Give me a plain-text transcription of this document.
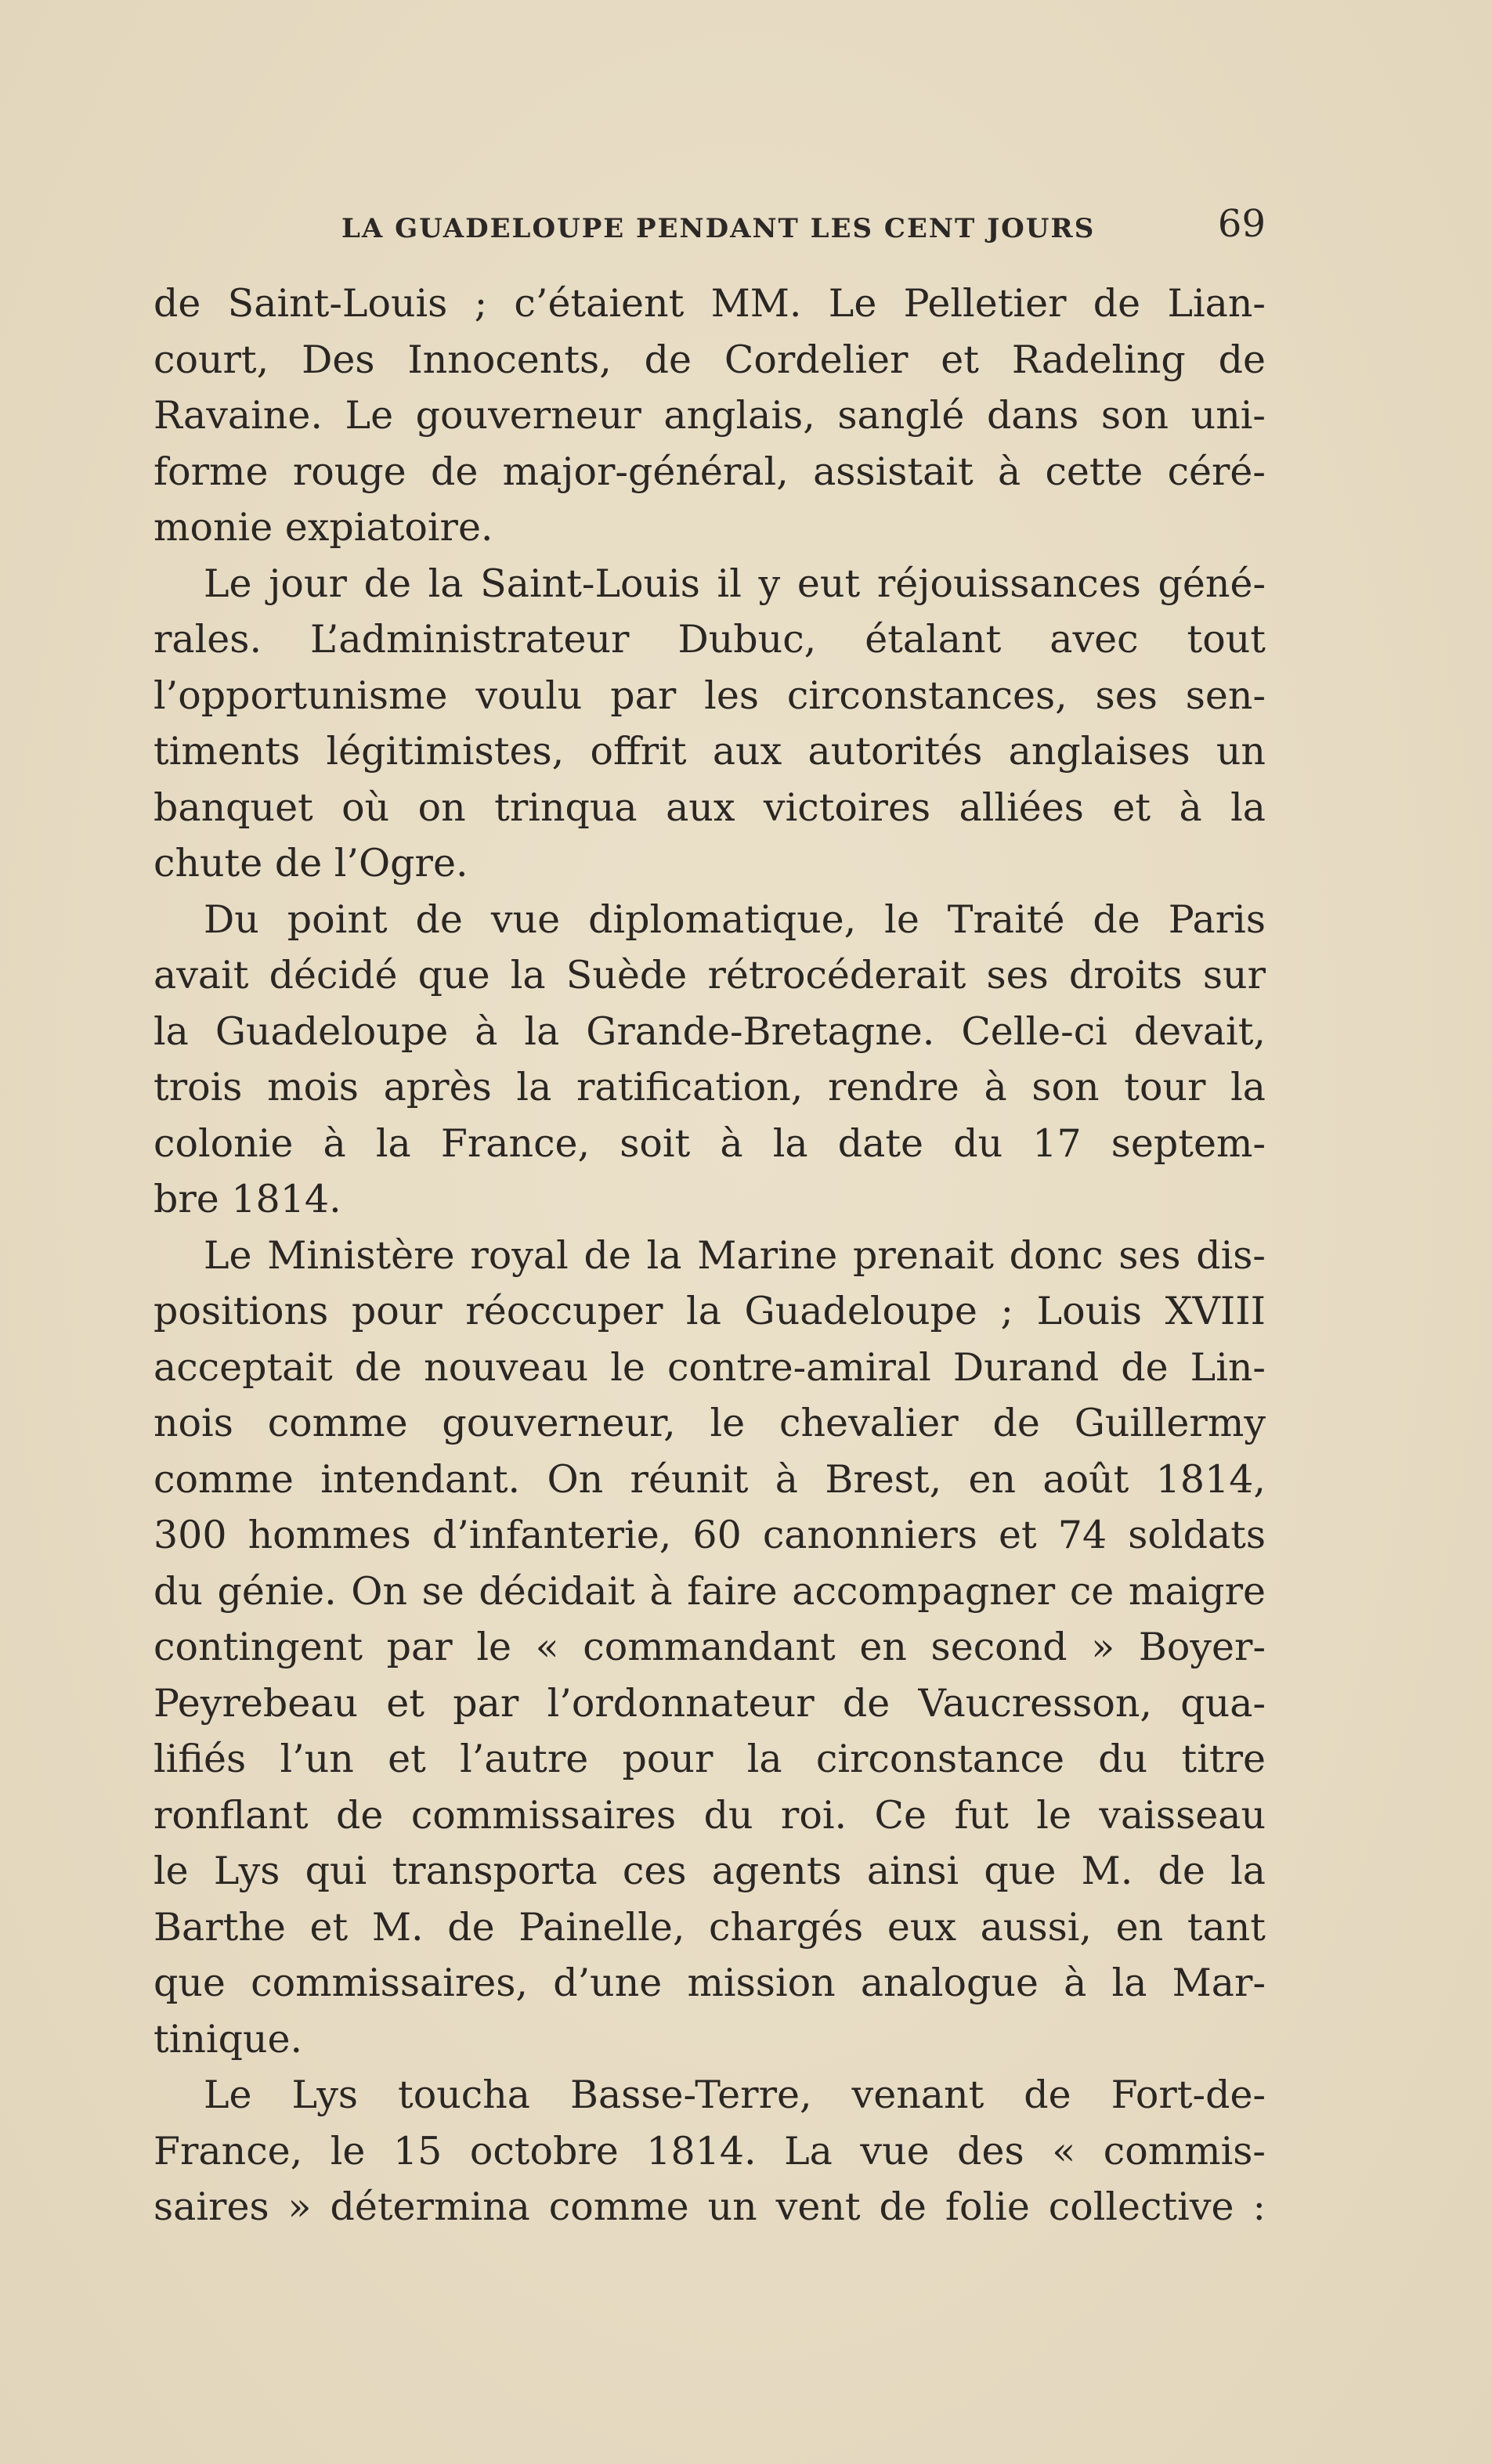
LA GUADELOUPE PENDANT LES CENT JOURS	69
de Saint-Louis ; c’étaient MM. Le Pelletier de Lian-
court, Des Innocents, de Cordelier et Radeling de
Ravaine. Le gouverneur anglais, sanglé dans son uni-
forme rouge de major-général, assistait à cette céré-
monie expiatoire.
Le jour de la Saint-Louis il y eut réjouissances géné-
rales. L’administrateur Dubuc, étalant avec tout
l’opportunisme voulu par les circonstances, ses sen-
timents légitimistes, offrit aux autorités anglaises un
banquet où on trinqua aux victoires alliées et à la
chute de l’Ogre.
Du point de vue diplomatique, le Traité de Paris
avait décidé que la Suède rétrocéderait ses droits sur
la Guadeloupe à la Grande-Bretagne. Celle-ci devait,
trois mois après la ratification, rendre à son tour la
colonie à la France, soit à la date du 17 septem-
bre 1814.
Le Ministère royal de la Marine prenait donc ses dis-
positions pour réoccuper la Guadeloupe ; Louis XVIII
acceptait de nouveau le contre-amiral Durand de Lin-
nois comme gouverneur, le chevalier de Guillermy
comme intendant. On réunit à Brest, en août 1814,
300 hommes d’infanterie, 60 canonniers et 74 soldats
du génie. On se décidait à faire accompagner ce maigre
contingent par le « commandant en second » Boyer-
Peyrebeau et par l’ordonnateur de Vaucresson, qua-
lifiés l’un et l’autre pour la circonstance du titre
ronflant de commissaires du roi. Ce fut le vaisseau
le Lys qui transporta ces agents ainsi que M. de la
Barthe et M. de Painelle, chargés eux aussi, en tant
que commissaires, d’une mission analogue à la Mar-
tinique.
Le Lys toucha Basse-Terre, venant de Fort-de-
France, le 15 octobre 1814. La vue des « commis-
saires » détermina comme un vent de folie collective :
